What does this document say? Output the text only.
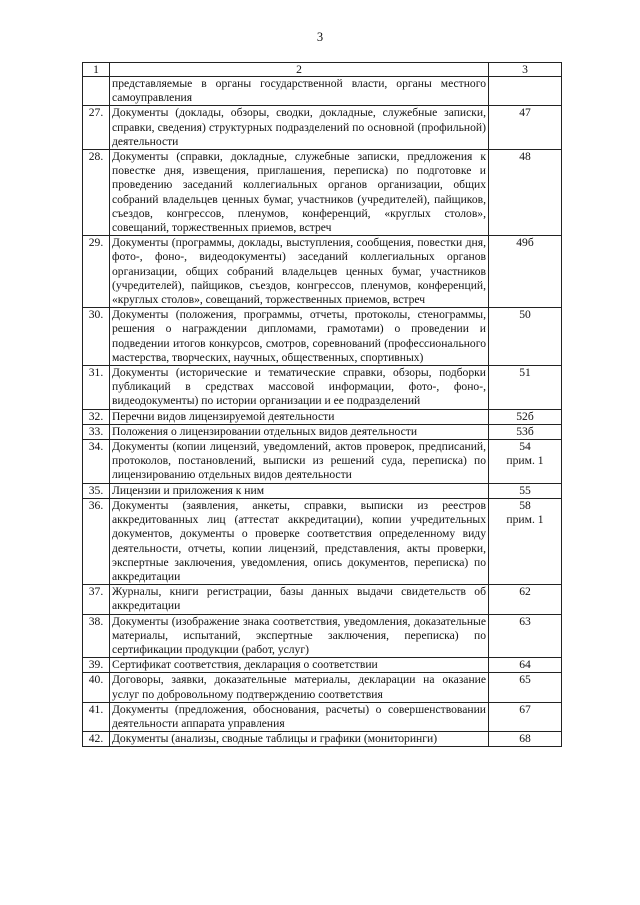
3
1	2	3
	представляемые в органы государственной власти, органы местного самоуправления	

27.	Документы (доклады, обзоры, сводки, докладные, служебные записки, справки, сведения) структурных подразделений по основной (профильной) деятельности	47

28.	Документы (справки, докладные, служебные записки, предложения к повестке дня, извещения, приглашения, переписка) по подготовке и проведению заседаний коллегиальных органов организации, общих собраний владельцев ценных бумаг, участников (учредителей), пайщиков, съездов, конгрессов, пленумов, конференций, «круглых столов», совещаний, торжественных приемов, встреч	48

29.	Документы (программы, доклады, выступления, сообщения, повестки дня, фото-, фоно-, видеодокументы) заседаний коллегиальных органов организации, общих собраний владельцев ценных бумаг, участников (учредителей), пайщиков, съездов, конгрессов, пленумов, конференций, «круглых столов», совещаний, торжественных приемов, встреч	49б

30.	Документы (положения, программы, отчеты, протоколы, стенограммы, решения о награждении дипломами, грамотами) о проведении и подведении итогов конкурсов, смотров, соревнований (профессионального мастерства, творческих, научных, общественных, спортивных)	50

31.	Документы (исторические и тематические справки, обзоры, подборки публикаций в средствах массовой информации, фото-, фоно-, видеодокументы) по истории организации и ее подразделений	51

32.	Перечни видов лицензируемой деятельности	52б

33.	Положения о лицензировании отдельных видов деятельности	53б

34.	Документы (копии лицензий, уведомлений, актов проверок, предписаний, протоколов, постановлений, выписки из решений суда, переписка) по лицензированию отдельных видов деятельности	54
прим. 1

35.	Лицензии и приложения к ним	55

36.	Документы (заявления, анкеты, справки, выписки из реестров аккредитованных лиц (аттестат аккредитации), копии учредительных документов, документы о проверке соответствия определенному виду деятельности, отчеты, копии лицензий, представления, акты проверки, экспертные заключения, уведомления, опись документов, переписка) по аккредитации	58
прим. 1

37.	Журналы, книги регистрации, базы данных выдачи свидетельств об аккредитации	62

38.	Документы (изображение знака соответствия, уведомления, доказательные материалы, испытаний, экспертные заключения, переписка) по сертификации продукции (работ, услуг)	63

39.	Сертификат соответствия, декларация о соответствии	64

40.	Договоры, заявки, доказательные материалы, декларации на оказание услуг по добровольному подтверждению соответствия	65

41.	Документы (предложения, обоснования, расчеты) о совершенствовании деятельности аппарата управления	67

42.	Документы (анализы, сводные таблицы и графики (мониторинги)	68
